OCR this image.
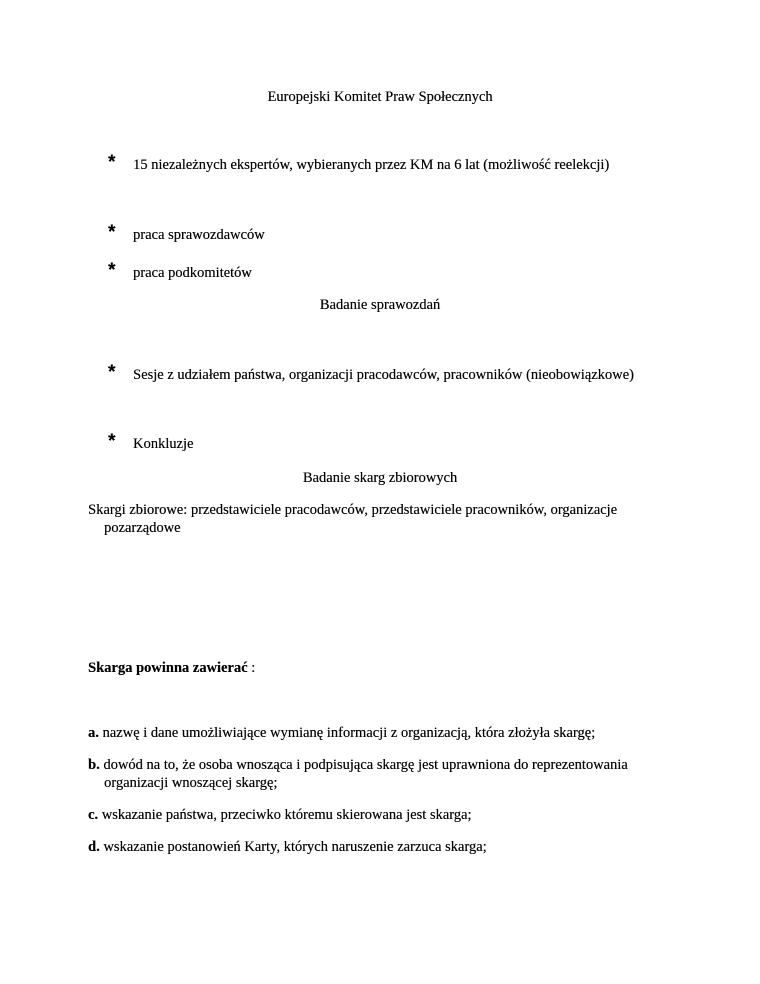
Europejski Komitet Praw Społecznych
* 15 niezależnych ekspertów, wybieranych przez KM na 6 lat (możliwość reelekcji)
* praca sprawozdawców
* praca podkomitetów
Badanie sprawozdań
* Sesje z udziałem państwa, organizacji pracodawców, pracowników (nieobowiązkowe)
* Konkluzje
Badanie skarg zbiorowych
Skargi zbiorowe: przedstawiciele pracodawców, przedstawiciele pracowników, organizacje
pozarządowe
Skarga powinna zawierać :
a. nazwę i dane umożliwiające wymianę informacji z organizacją, która złożyła skargę;
b. dowód na to, że osoba wnosząca i podpisująca skargę jest uprawniona do reprezentowania
organizacji wnoszącej skargę;
c. wskazanie państwa, przeciwko któremu skierowana jest skarga;
d. wskazanie postanowień Karty, których naruszenie zarzuca skarga;
